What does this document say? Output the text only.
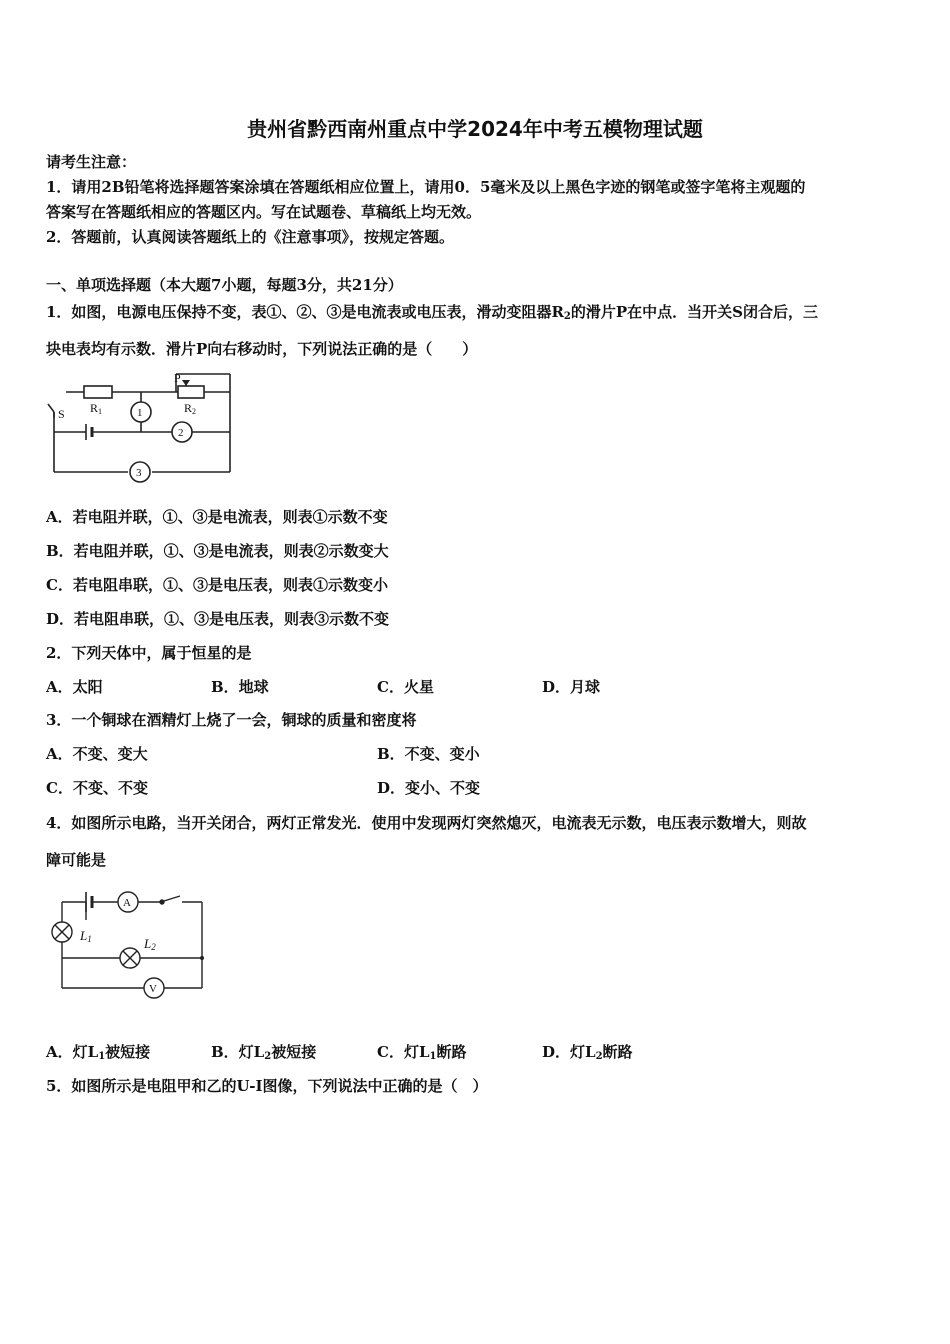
贵州省黔西南州重点中学2024年中考五模物理试题
请考生注意：
1．请用2B铅笔将选择题答案涂填在答题纸相应位置上，请用0．5毫米及以上黑色字迹的钢笔或签字笔将主观题的
答案写在答题纸相应的答题区内。写在试题卷、草稿纸上均无效。
2．答题前，认真阅读答题纸上的《注意事项》，按规定答题。
一、单项选择题（本大题7小题，每题3分，共21分）
1．如图，电源电压保持不变，表①、②、③是电流表或电压表，滑动变阻器$R_2$的滑片P在中点．当开关S闭合后，三
块电表均有示数．滑片P向右移动时，下列说法正确的是（　　）
S R1	R2
P
1
2
3
A．若电阻并联，①、③是电流表，则表①示数不变
B．若电阻并联，①、③是电流表，则表②示数变大
C．若电阻串联，①、③是电压表，则表①示数变小
D．若电阻串联，①、③是电压表，则表③示数不变
2．下列天体中，属于恒星的是
A．太阳	B．地球	C．火星	D．月球
3．一个铜球在酒精灯上烧了一会，铜球的质量和密度将
A．不变、变大	B．不变、变小
C．不变、不变	D．变小、不变
4．如图所示电路，当开关闭合，两灯正常发光．使用中发现两灯突然熄灭，电流表无示数，电压表示数增大，则故
障可能是
A
V
L1	L2
A．灯$L_1$被短接	B．灯$L_2$被短接	C．灯$L_1$断路	D．灯$L_2$断路
5．如图所示是电阻甲和乙的U-I图像，下列说法中正确的是（　）
